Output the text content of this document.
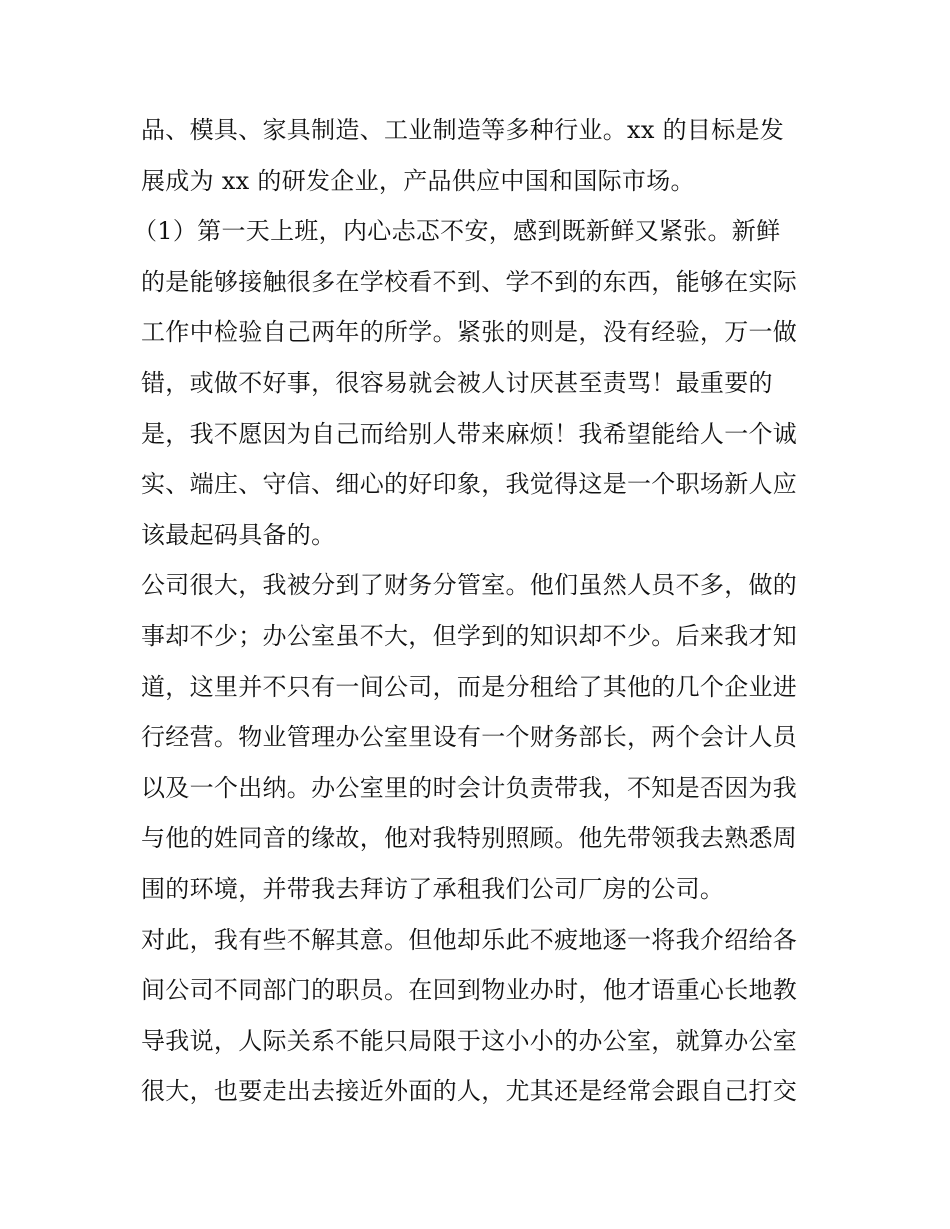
品、模具、家具制造、工业制造等多种行业。xx 的目标是发
展成为 xx 的研发企业，产品供应中国和国际市场。
（1）第一天上班，内心忐忑不安，感到既新鲜又紧张。新鲜
的是能够接触很多在学校看不到、学不到的东西，能够在实际
工作中检验自己两年的所学。紧张的则是，没有经验，万一做
错，或做不好事，很容易就会被人讨厌甚至责骂！最重要的
是，我不愿因为自己而给别人带来麻烦！我希望能给人一个诚
实、端庄、守信、细心的好印象，我觉得这是一个职场新人应
该最起码具备的。
公司很大，我被分到了财务分管室。他们虽然人员不多，做的
事却不少；办公室虽不大，但学到的知识却不少。后来我才知
道，这里并不只有一间公司，而是分租给了其他的几个企业进
行经营。物业管理办公室里设有一个财务部长，两个会计人员
以及一个出纳。办公室里的时会计负责带我，不知是否因为我
与他的姓同音的缘故，他对我特别照顾。他先带领我去熟悉周
围的环境，并带我去拜访了承租我们公司厂房的公司。
对此，我有些不解其意。但他却乐此不疲地逐一将我介绍给各
间公司不同部门的职员。在回到物业办时，他才语重心长地教
导我说，人际关系不能只局限于这小小的办公室，就算办公室
很大，也要走出去接近外面的人，尤其还是经常会跟自己打交
